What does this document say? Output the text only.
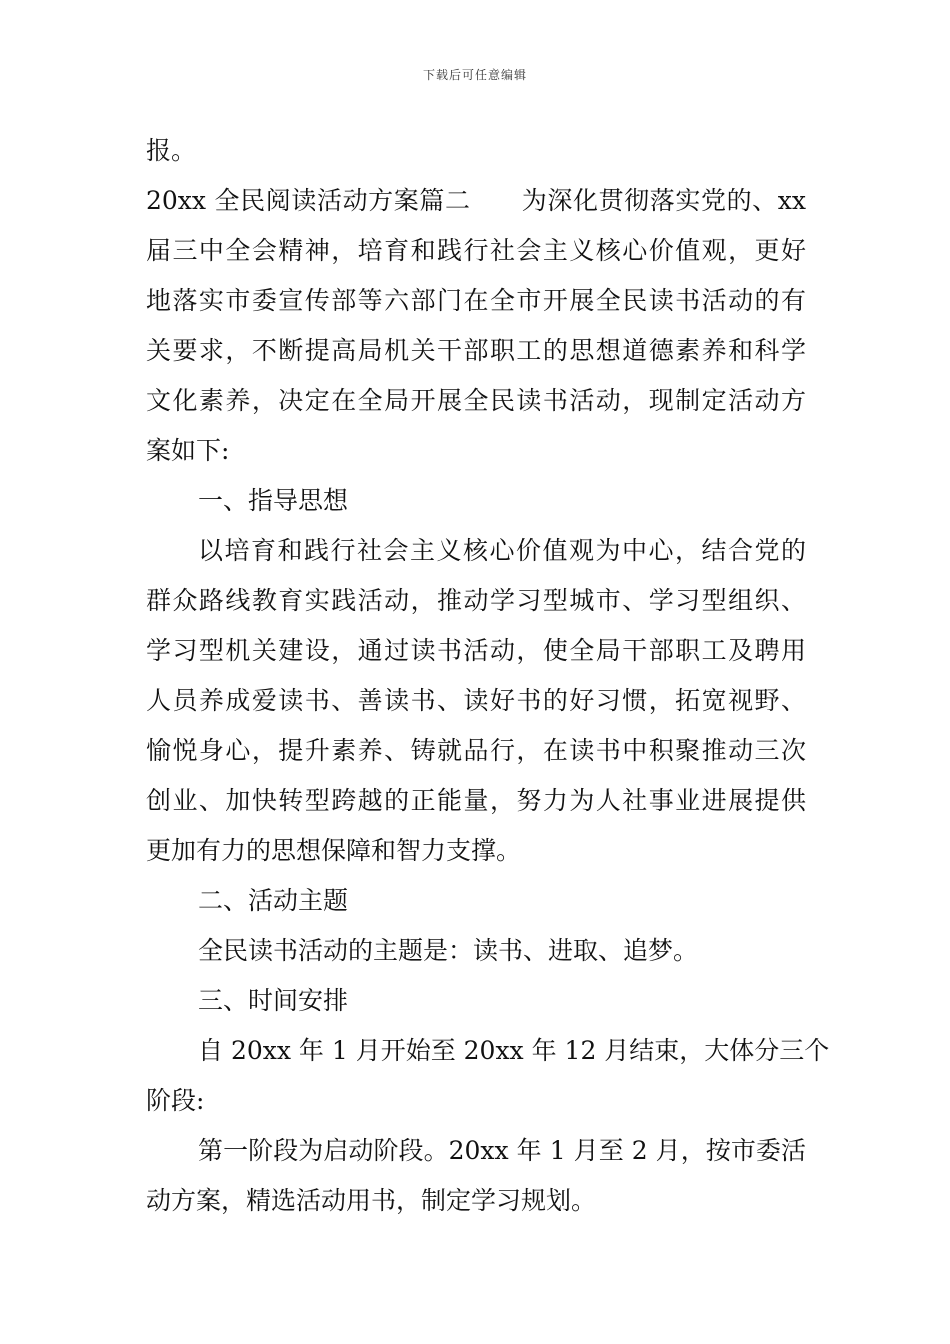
下载后可任意编辑
报。
20xx 全民阅读活动方案篇二　　为深化贯彻落实党的、xx
届三中全会精神，培育和践行社会主义核心价值观，更好
地落实市委宣传部等六部门在全市开展全民读书活动的有
关要求，不断提高局机关干部职工的思想道德素养和科学
文化素养，决定在全局开展全民读书活动，现制定活动方
案如下:
一、指导思想
以培育和践行社会主义核心价值观为中心，结合党的
群众路线教育实践活动，推动学习型城市、学习型组织、
学习型机关建设，通过读书活动，使全局干部职工及聘用
人员养成爱读书、善读书、读好书的好习惯，拓宽视野、
愉悦身心，提升素养、铸就品行，在读书中积聚推动三次
创业、加快转型跨越的正能量，努力为人社事业进展提供
更加有力的思想保障和智力支撑。
二、活动主题
全民读书活动的主题是：读书、进取、追梦。
三、时间安排
自 20xx 年 1 月开始至 20xx 年 12 月结束，大体分三个
阶段:
第一阶段为启动阶段。20xx 年 1 月至 2 月，按市委活
动方案，精选活动用书，制定学习规划。
